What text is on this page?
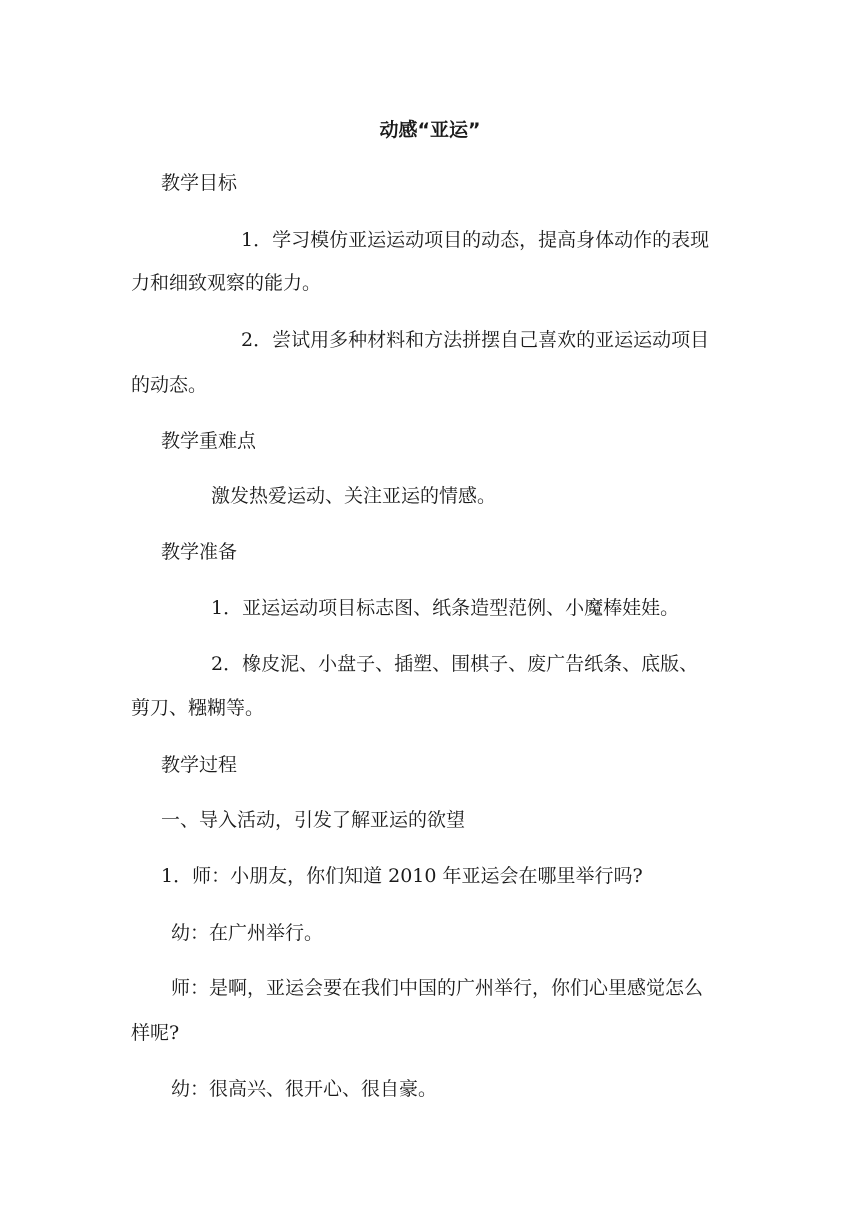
动感“亚运”
教学目标
1．学习模仿亚运运动项目的动态，提高身体动作的表现
力和细致观察的能力。
2．尝试用多种材料和方法拼摆自己喜欢的亚运运动项目
的动态。
教学重难点
激发热爱运动、关注亚运的情感。
教学准备
1．亚运运动项目标志图、纸条造型范例、小魔棒娃娃。
2．橡皮泥、小盘子、插塑、围棋子、废广告纸条、底版、
剪刀、糨糊等。
教学过程
一、导入活动，引发了解亚运的欲望
1．师：小朋友，你们知道 2010 年亚运会在哪里举行吗?
幼：在广州举行。
师：是啊，亚运会要在我们中国的广州举行，你们心里感觉怎么
样呢?
幼：很高兴、很开心、很自豪。
